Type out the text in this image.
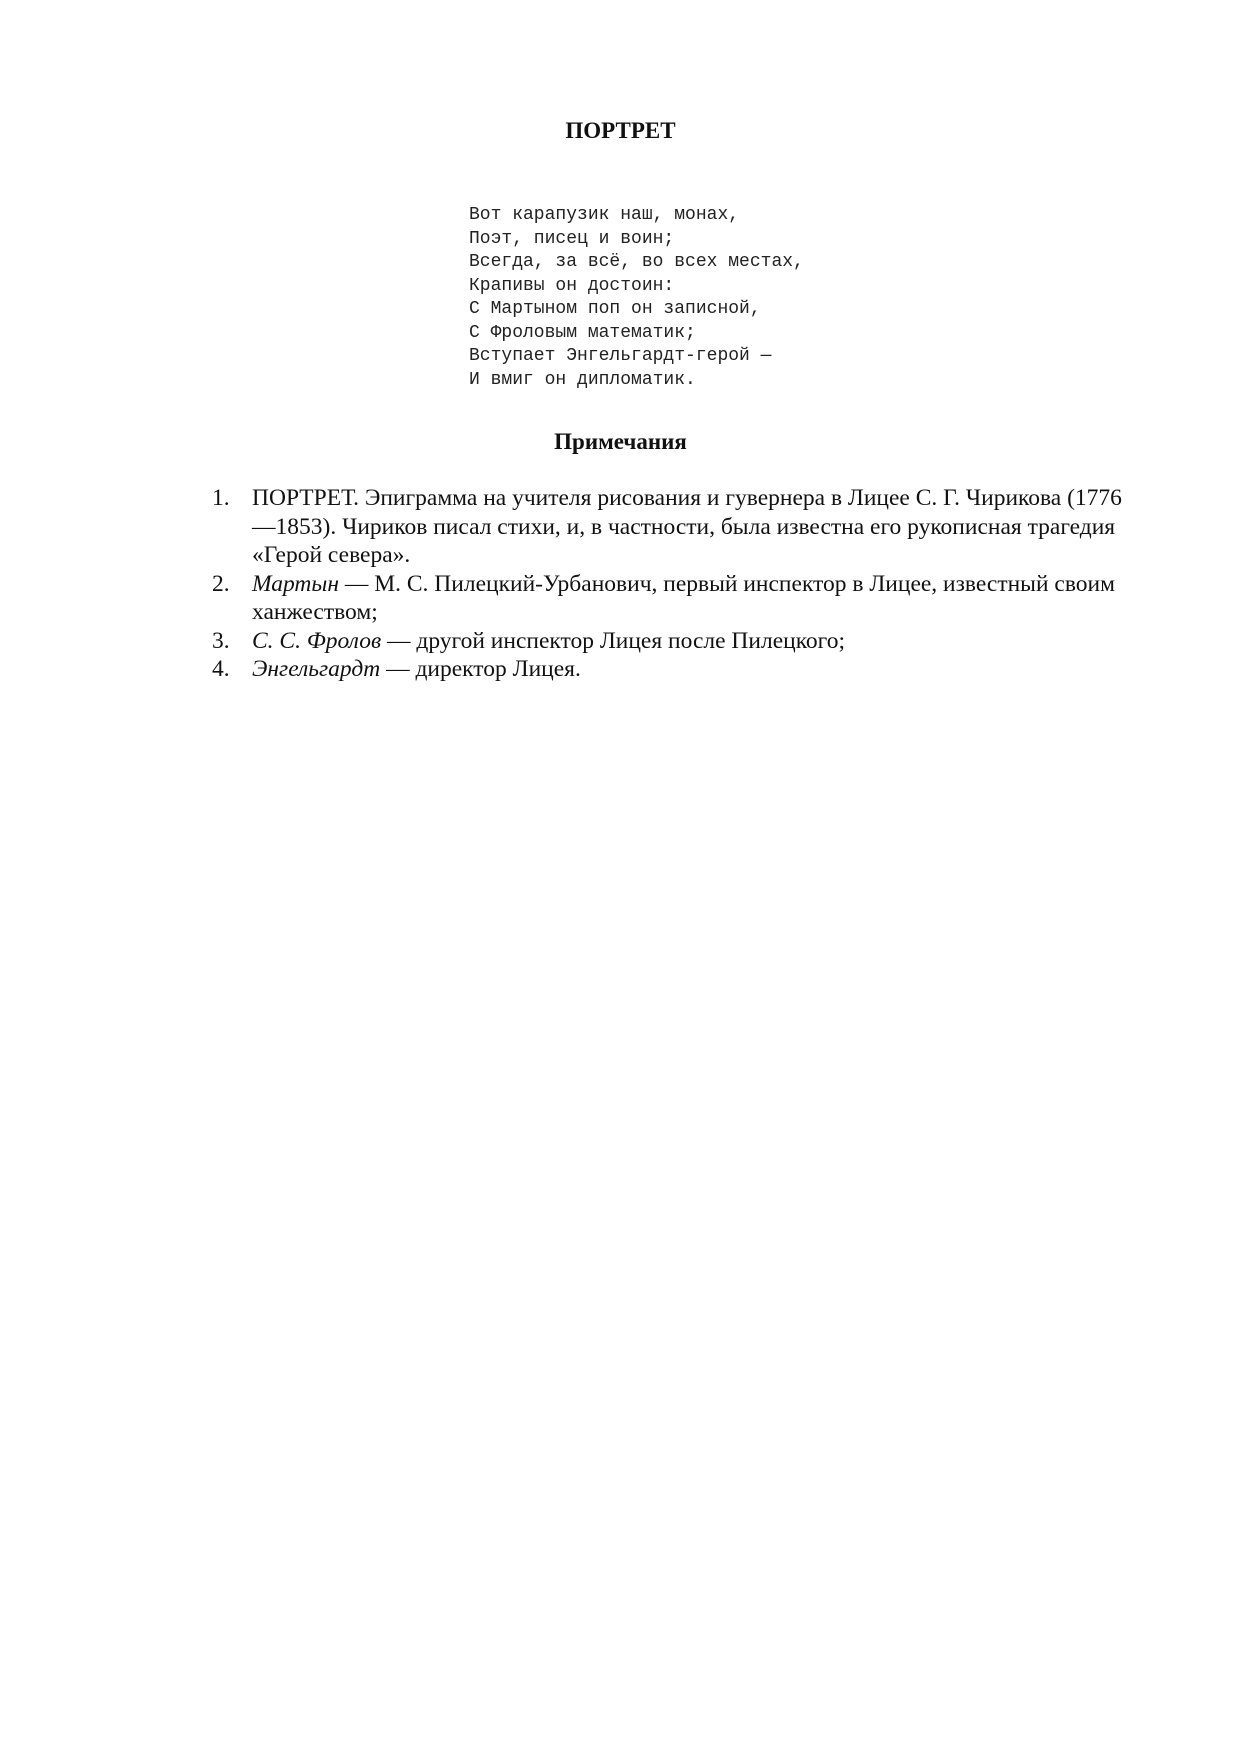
ПОРТРЕТ
Вот карапузик наш, монах,
Поэт, писец и воин;
Всегда, за всё, во всех местах,
Крапивы он достоин:
С Мартыном поп он записной,
С Фроловым математик;
Вступает Энгельгардт-герой —
И вмиг он дипломатик.
Примечания
1. ПОРТРЕТ. Эпиграмма на учителя рисования и гувернера в Лицее С. Г. Чирикова (1776—1853). Чириков писал стихи, и, в частности, была известна его рукописная трагедия «Герой севера».
2. Мартын — М. С. Пилецкий-Урбанович, первый инспектор в Лицее, известный своим ханжеством;
3. С. С. Фролов — другой инспектор Лицея после Пилецкого;
4. Энгельгардт — директор Лицея.
